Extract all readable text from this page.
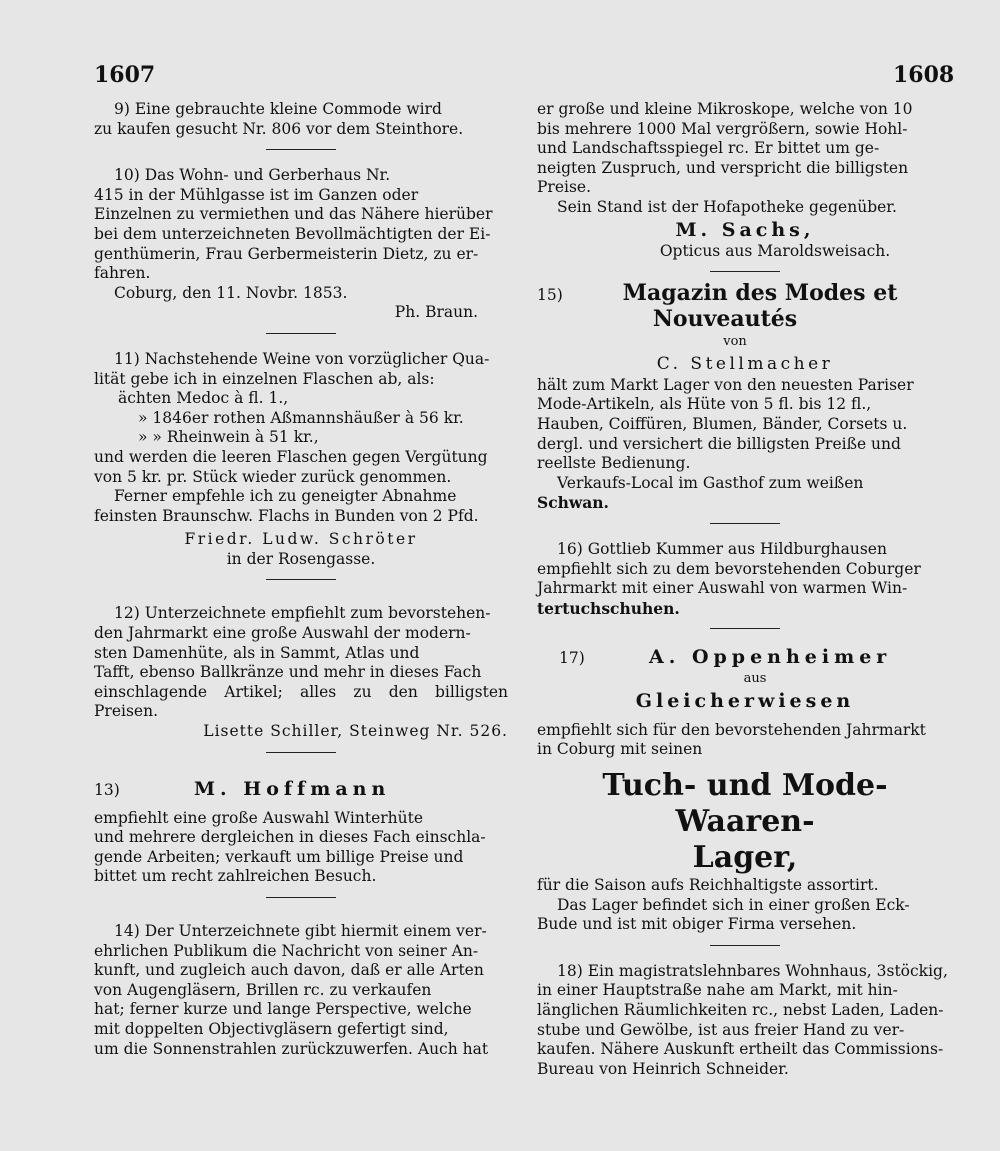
1607	1608

9) Eine gebrauchte kleine Commode wird

zu kaufen gesucht Nr. 806 vor dem Steinthore.

10) Das Wohn- und Gerberhaus Nr.

415 in der Mühlgasse ist im Ganzen oder

Einzelnen zu vermiethen und das Nähere hierüber

bei dem unterzeichneten Bevollmächtigten der Ei-

genthümerin, Frau Gerbermeisterin Dietz, zu er-

fahren.

Coburg, den 11. Novbr. 1853.

Ph. Braun.

11) Nachstehende Weine von vorzüglicher Qua-

lität gebe ich in einzelnen Flaschen ab, als:

ächten Medoc à fl. 1.,

» 1846er rothen Aßmannshäußer à 56 kr.

» » Rheinwein à 51 kr.,

und werden die leeren Flaschen gegen Vergütung

von 5 kr. pr. Stück wieder zurück genommen.

Ferner empfehle ich zu geneigter Abnahme

feinsten Braunschw. Flachs in Bunden von 2 Pfd.

Friedr. Ludw. Schröter

in der Rosengasse.

12) Unterzeichnete empfiehlt zum bevorstehen-

den Jahrmarkt eine große Auswahl der modern-

sten Damenhüte, als in Sammt, Atlas und

Tafft, ebenso Ballkränze und mehr in dieses Fach

einschlagende Artikel; alles zu den billigsten Preisen.

Lisette Schiller, Steinweg Nr. 526.

13)	M. Hoffmann

empfiehlt eine große Auswahl Winterhüte

und mehrere dergleichen in dieses Fach einschla-

gende Arbeiten; verkauft um billige Preise und

bittet um recht zahlreichen Besuch.

14) Der Unterzeichnete gibt hiermit einem ver-

ehrlichen Publikum die Nachricht von seiner An-

kunft, und zugleich auch davon, daß er alle Arten

von Augengläsern, Brillen rc. zu verkaufen

hat; ferner kurze und lange Perspective, welche

mit doppelten Objectivgläsern gefertigt sind,

um die Sonnenstrahlen zurückzuwerfen. Auch hat

er große und kleine Mikroskope, welche von 10

bis mehrere 1000 Mal vergrößern, sowie Hohl-

und Landschaftsspiegel rc. Er bittet um ge-

neigten Zuspruch, und verspricht die billigsten

Preise.

Sein Stand ist der Hofapotheke gegenüber.

M. Sachs,

Opticus aus Maroldsweisach.

15)	Magazin des Modes et

Nouveautés

von

C. Stellmacher

hält zum Markt Lager von den neuesten Pariser

Mode-Artikeln, als Hüte von 5 fl. bis 12 fl.,

Hauben, Coiffüren, Blumen, Bänder, Corsets u.

dergl. und versichert die billigsten Preiße und

reellste Bedienung.

Verkaufs-Local im Gasthof zum weißen

Schwan.

16) Gottlieb Kummer aus Hildburghausen

empfiehlt sich zu dem bevorstehenden Coburger

Jahrmarkt mit einer Auswahl von warmen Win-

tertuchschuhen.

17)	A. Oppenheimer

aus

Gleicherwiesen

empfiehlt sich für den bevorstehenden Jahrmarkt

in Coburg mit seinen

Tuch- und Mode-Waaren-

Lager,

für die Saison aufs Reichhaltigste assortirt.

Das Lager befindet sich in einer großen Eck-

Bude und ist mit obiger Firma versehen.

18) Ein magistratslehnbares Wohnhaus, 3stöckig,

in einer Hauptstraße nahe am Markt, mit hin-

länglichen Räumlichkeiten rc., nebst Laden, Laden-

stube und Gewölbe, ist aus freier Hand zu ver-

kaufen. Nähere Auskunft ertheilt das Commissions-

Bureau von Heinrich Schneider.
